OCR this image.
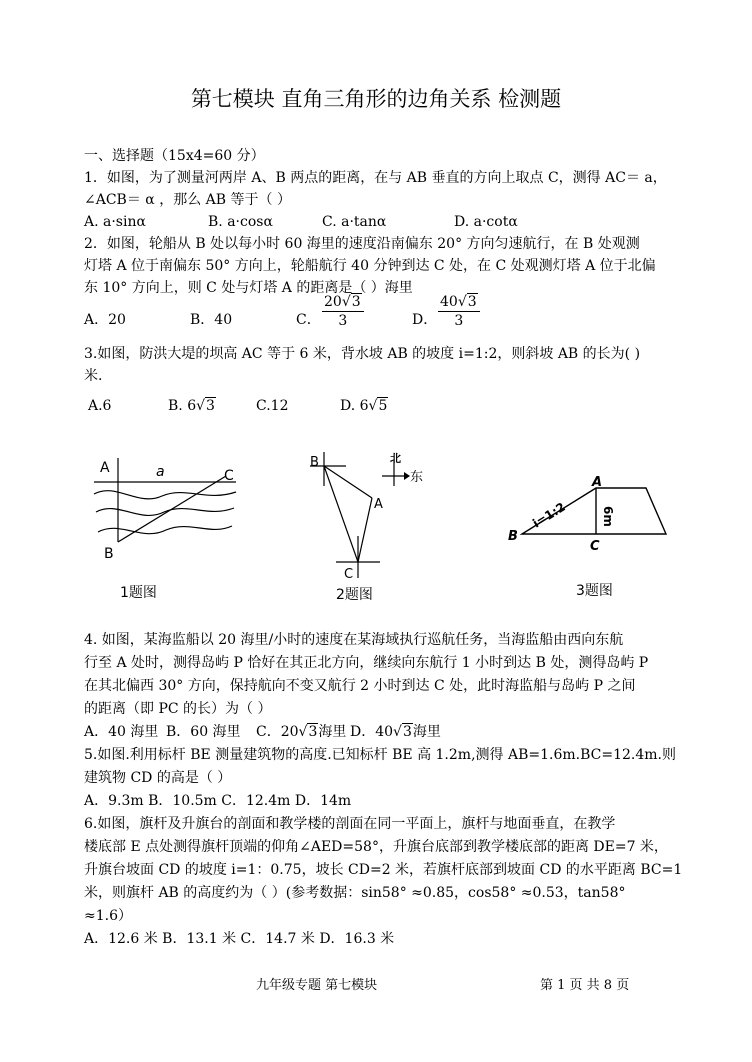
第七模块 直角三角形的边角关系 检测题
一、选择题（15x4=60 分）
1．如图，为了测量河两岸 A、B 两点的距离，在与 AB 垂直的方向上取点 C，测得 AC＝ a，
∠ACB＝ α ，那么 AB 等于（ ）
A. a·sinα	B. a·cosα	C. a·tanα	D. a·cotα
2．如图，轮船从 B 处以每小时 60 海里的速度沿南偏东 20° 方向匀速航行，在 B 处观测
灯塔 A 位于南偏东 50° 方向上，轮船航行 40 分钟到达 C 处，在 C 处观测灯塔 A 位于北偏
东 10° 方向上，则 C 处与灯塔 A 的距离是（ ）海里
A．20	B．40	C． $\frac{20√3}{3}$	D． $\frac{40√3}{3}$
3.如图，防洪大堤的坝高 AC 等于 6 米，背水坡 AB 的坡度 i=1:2，则斜坡 AB 的长为( )
米.
A.6	B. 6√3	C.12	D. 6√5
A	a	C
B
1题图
北
东
B
A
C
2题图
A
B
C
i=1:2	6m
3题图
4. 如图，某海监船以 20 海里/小时的速度在某海域执行巡航任务，当海监船由西向东航
行至 A 处时，测得岛屿 P 恰好在其正北方向，继续向东航行 1 小时到达 B 处，测得岛屿 P
在其北偏西 30° 方向，保持航向不变又航行 2 小时到达 C 处，此时海监船与岛屿 P 之间
的距离（即 PC 的长）为（ ）
A．40 海里 B．60 海里 C．20√3海里 D．40√3海里
5.如图.利用标杆 BE 测量建筑物的高度.已知标杆 BE 高 1.2m,测得 AB=1.6m.BC=12.4m.则
建筑物 CD 的高是（ ）
A．9.3m B．10.5m C．12.4m D．14m
6.如图，旗杆及升旗台的剖面和教学楼的剖面在同一平面上，旗杆与地面垂直，在教学
楼底部 E 点处测得旗杆顶端的仰角∠AED=58°，升旗台底部到教学楼底部的距离 DE=7 米，
升旗台坡面 CD 的坡度 i=1：0.75，坡长 CD=2 米，若旗杆底部到坡面 CD 的水平距离 BC=1
米，则旗杆 AB 的高度约为（ ）(参考数据：sin58° ≈0.85，cos58° ≈0.53，tan58°
≈1.6）
A．12.6 米 B．13.1 米 C．14.7 米 D．16.3 米
九年级专题 第七模块	第 1 页 共 8 页
